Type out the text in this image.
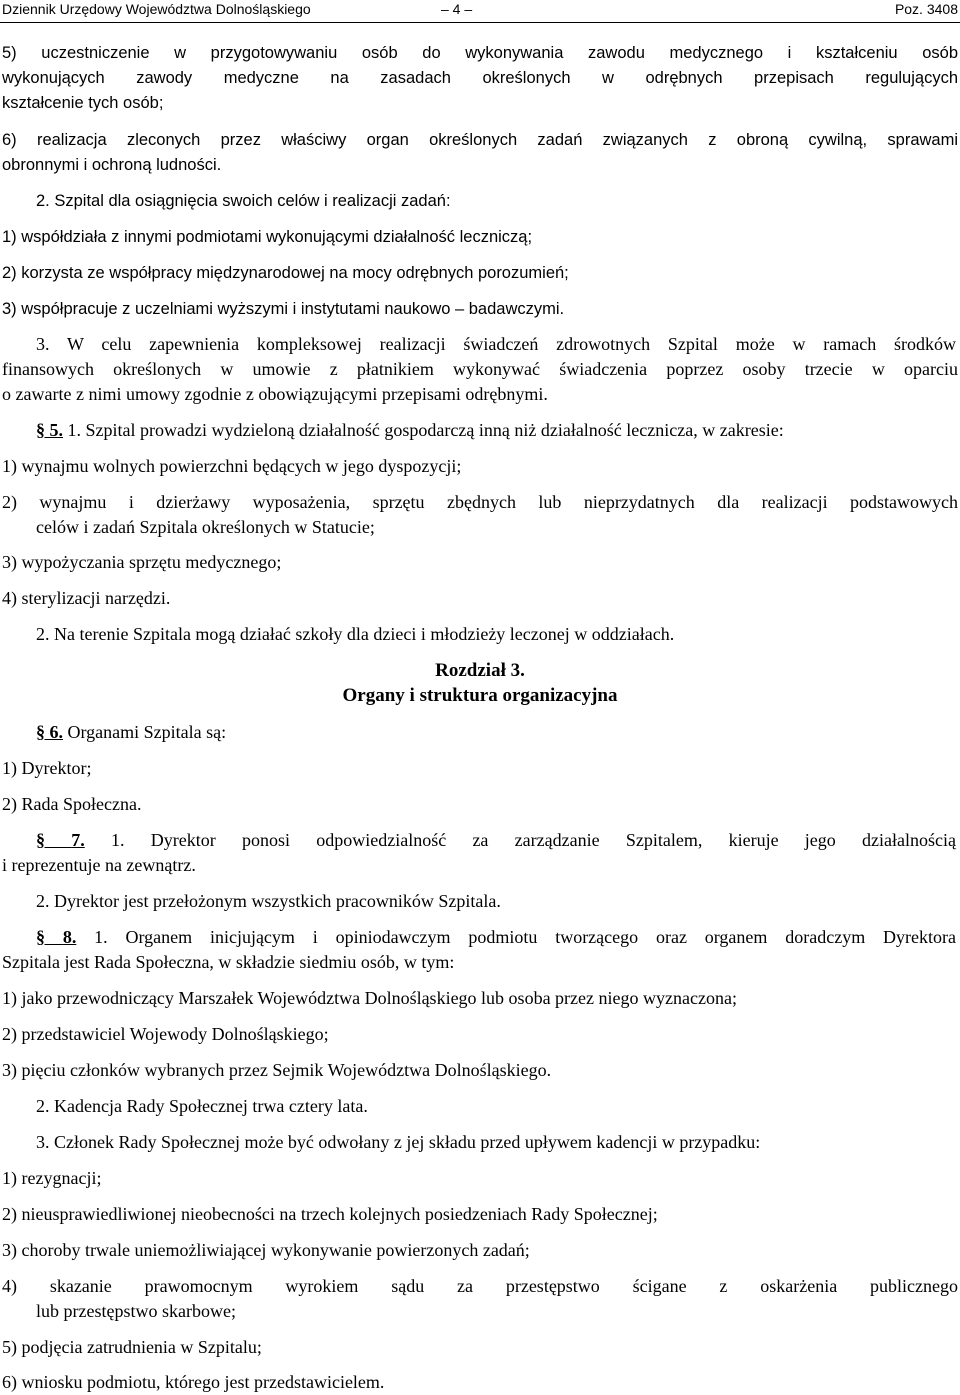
Dziennik Urzędowy Województwa Dolnośląskiego	– 4 –	Poz. 3408
5) uczestniczenie w przygotowywaniu osób do wykonywania zawodu medycznego i kształceniu osób
wykonujących zawody medyczne na zasadach określonych w odrębnych przepisach regulujących
kształcenie tych osób;
6) realizacja zleconych przez właściwy organ określonych zadań związanych z obroną cywilną, sprawami
obronnymi i ochroną ludności.
2. Szpital dla osiągnięcia swoich celów i realizacji zadań:
1) współdziała z innymi podmiotami wykonującymi działalność leczniczą;
2) korzysta ze współpracy międzynarodowej na mocy odrębnych porozumień;
3) współpracuje z uczelniami wyższymi i instytutami naukowo – badawczymi.
3. W celu zapewnienia kompleksowej realizacji świadczeń zdrowotnych Szpital może w ramach środków
finansowych określonych w umowie z płatnikiem wykonywać świadczenia poprzez osoby trzecie w oparciu
o zawarte z nimi umowy zgodnie z obowiązującymi przepisami odrębnymi.
§ 5. 1. Szpital prowadzi wydzieloną działalność gospodarczą inną niż działalność lecznicza, w zakresie:
1) wynajmu wolnych powierzchni będących w jego dyspozycji;
2) wynajmu i dzierżawy wyposażenia, sprzętu zbędnych lub nieprzydatnych dla realizacji podstawowych
celów i zadań Szpitala określonych w Statucie;
3) wypożyczania sprzętu medycznego;
4) sterylizacji narzędzi.
2. Na terenie Szpitala mogą działać szkoły dla dzieci i młodzieży leczonej w oddziałach.
Rozdział 3.
Organy i struktura organizacyjna
§ 6. Organami Szpitala są:
1) Dyrektor;
2) Rada Społeczna.
§ 7. 1. Dyrektor ponosi odpowiedzialność za zarządzanie Szpitalem, kieruje jego działalnością
i reprezentuje na zewnątrz.
2. Dyrektor jest przełożonym wszystkich pracowników Szpitala.
§ 8. 1. Organem inicjującym i opiniodawczym podmiotu tworzącego oraz organem doradczym Dyrektora
Szpitala jest Rada Społeczna, w składzie siedmiu osób, w tym:
1) jako przewodniczący Marszałek Województwa Dolnośląskiego lub osoba przez niego wyznaczona;
2) przedstawiciel Wojewody Dolnośląskiego;
3) pięciu członków wybranych przez Sejmik Województwa Dolnośląskiego.
2. Kadencja Rady Społecznej trwa cztery lata.
3. Członek Rady Społecznej może być odwołany z jej składu przed upływem kadencji w przypadku:
1) rezygnacji;
2) nieusprawiedliwionej nieobecności na trzech kolejnych posiedzeniach Rady Społecznej;
3) choroby trwale uniemożliwiającej wykonywanie powierzonych zadań;
4) skazanie prawomocnym wyrokiem sądu za przestępstwo ścigane z oskarżenia publicznego
lub przestępstwo skarbowe;
5) podjęcia zatrudnienia w Szpitalu;
6) wniosku podmiotu, którego jest przedstawicielem.
